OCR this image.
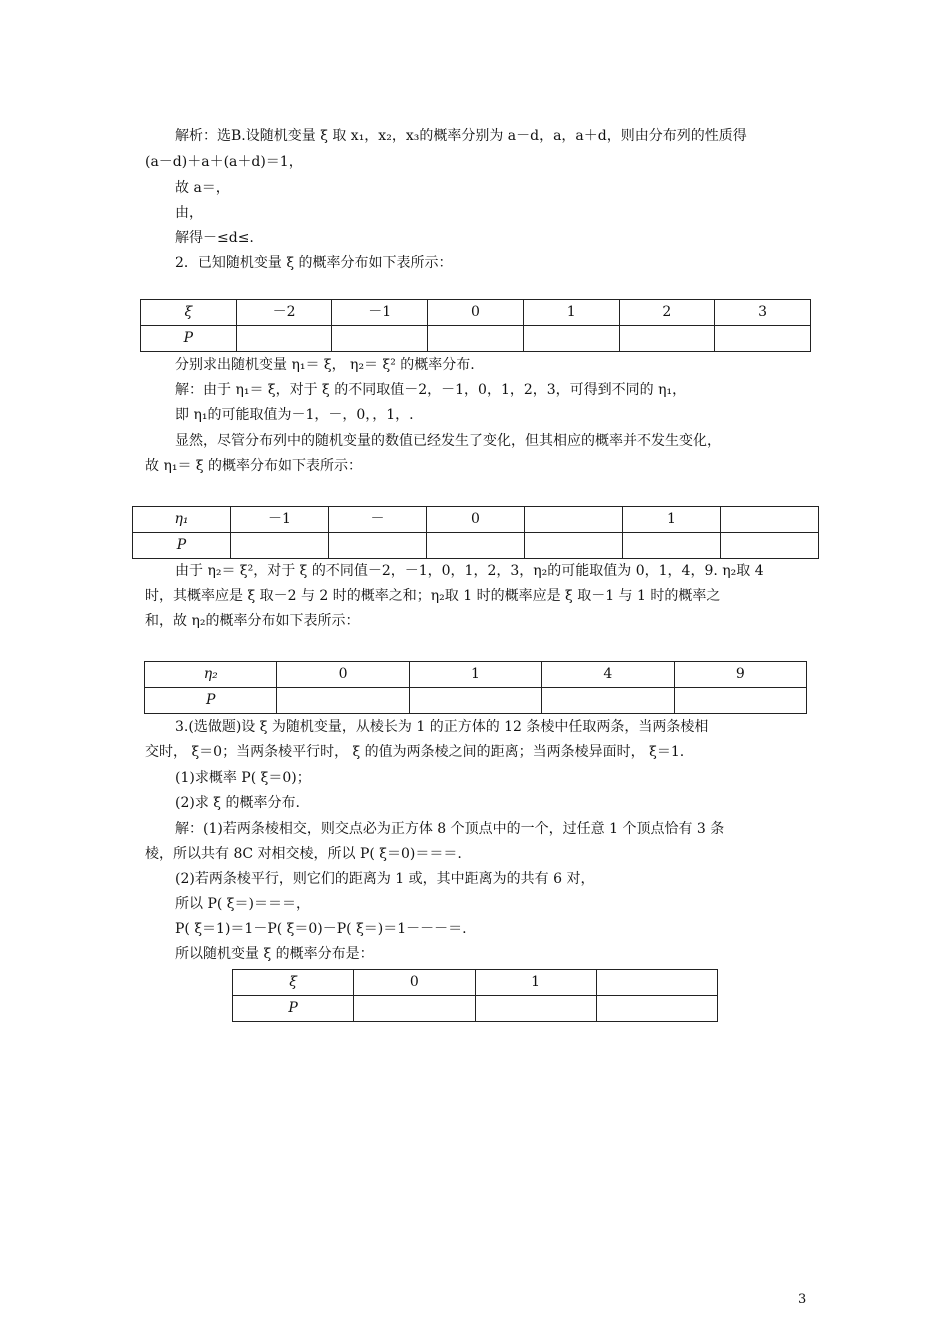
解析：选B.设随机变量 ξ 取 x₁，x₂，x₃的概率分别为 a－d，a，a＋d，则由分布列的性质得
(a－d)＋a＋(a＋d)＝1，
故 a＝，
由，
解得－≤d≤.
2．已知随机变量 ξ 的概率分布如下表所示：
ξ	－2	－1	0	1	2	3
P						
分别求出随机变量 η₁＝ ξ， η₂＝ ξ² 的概率分布.
解：由于 η₁＝ ξ，对于 ξ 的不同取值－2，－1，0，1，2，3，可得到不同的 η₁，
即 η₁的可能取值为－1，－，0，，1，.
显然，尽管分布列中的随机变量的数值已经发生了变化，但其相应的概率并不发生变化，
故 η₁＝ ξ 的概率分布如下表所示：
η₁	－1	－	0		1	
P						
由于 η₂＝ ξ²，对于 ξ 的不同值－2，－1，0，1，2，3，η₂的可能取值为 0，1，4，9. η₂取 4
时，其概率应是 ξ 取－2 与 2 时的概率之和；η₂取 1 时的概率应是 ξ 取－1 与 1 时的概率之
和，故 η₂的概率分布如下表所示：
η₂	0	1	4	9
P				
3.(选做题)设 ξ 为随机变量，从棱长为 1 的正方体的 12 条棱中任取两条，当两条棱相
交时， ξ＝0；当两条棱平行时， ξ 的值为两条棱之间的距离；当两条棱异面时， ξ＝1.
(1)求概率 P( ξ＝0)；
(2)求 ξ 的概率分布.
解：(1)若两条棱相交，则交点必为正方体 8 个顶点中的一个，过任意 1 个顶点恰有 3 条
棱，所以共有 8C 对相交棱，所以 P( ξ＝0)＝＝＝.
(2)若两条棱平行，则它们的距离为 1 或，其中距离为的共有 6 对，
所以 P( ξ＝)＝＝＝，
P( ξ＝1)＝1－P( ξ＝0)－P( ξ＝)＝1－－－＝.
所以随机变量 ξ 的概率分布是：
ξ	0	1	
P			
3
